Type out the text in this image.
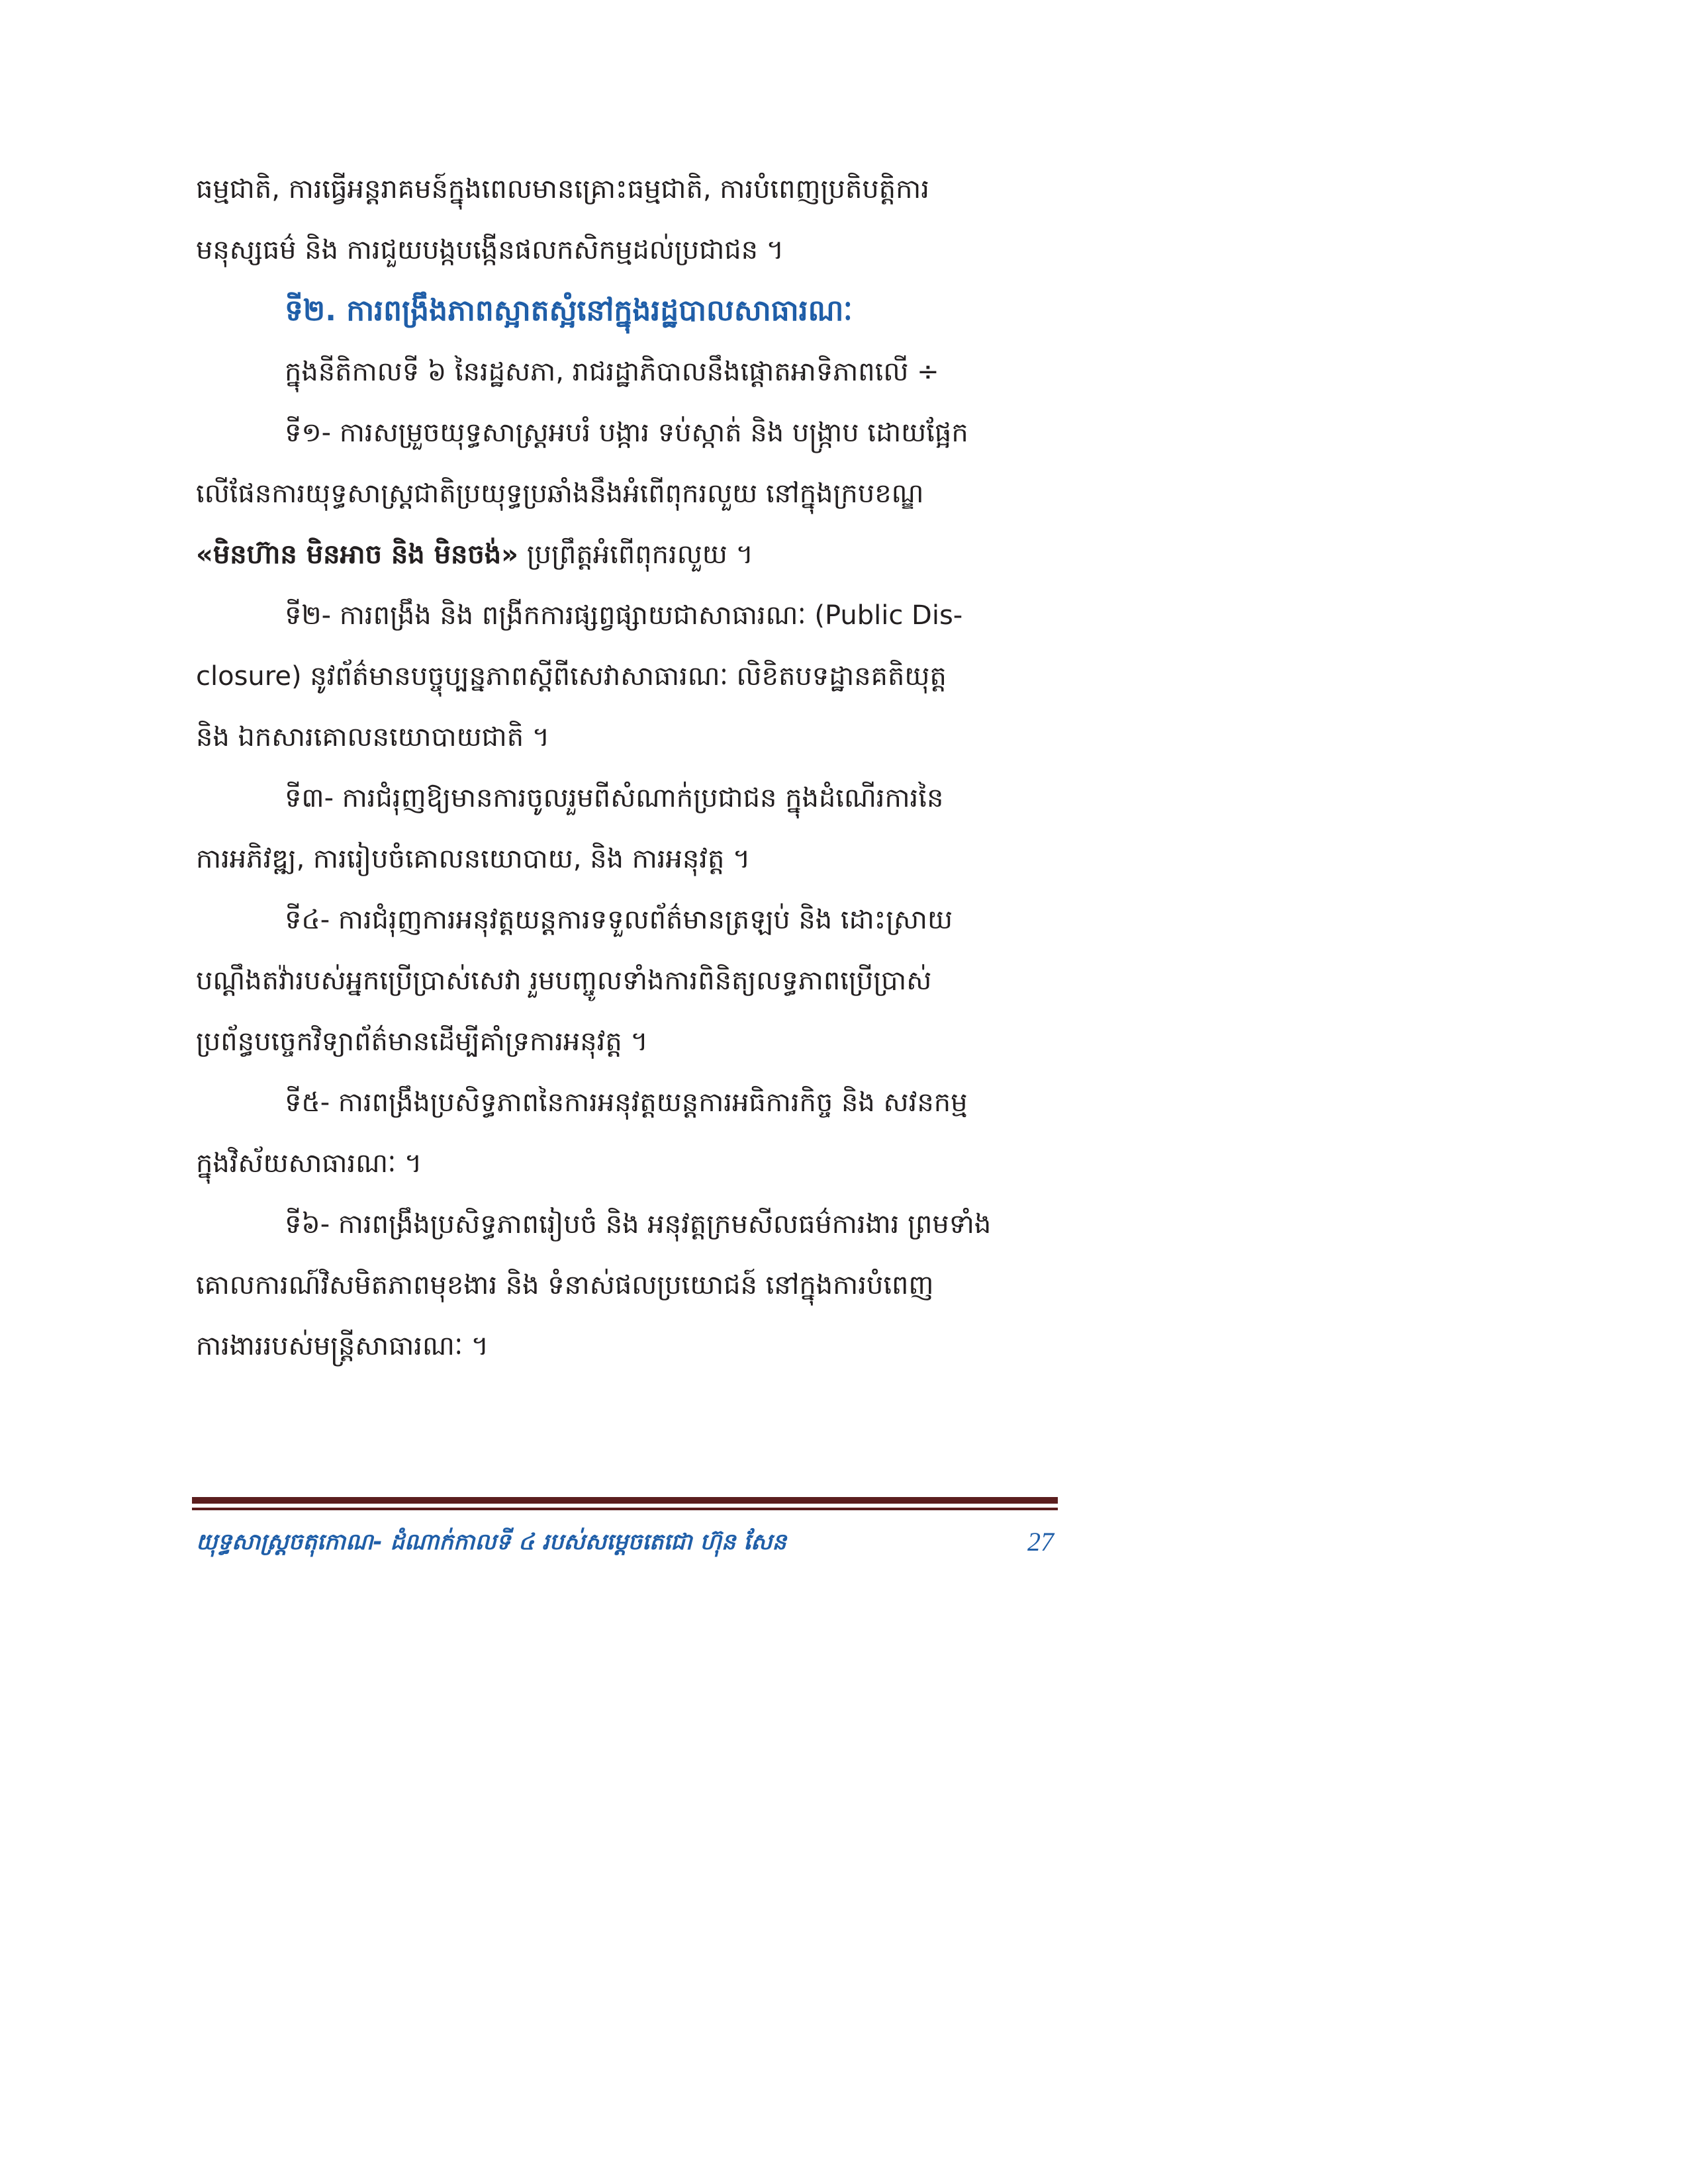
ធម្មជាតិ, ការធ្វើអន្តរាគមន៍ក្នុងពេលមានគ្រោះធម្មជាតិ, ការបំពេញប្រតិបត្តិការ
មនុស្សធម៌ និង ការជួយបង្កបង្កើនផលកសិកម្មដល់ប្រជាជន ។
ទី២. ការពង្រឹងភាពស្អាតស្អំនៅក្នុងរដ្ឋបាលសាធារណៈ
ក្នុងនីតិកាលទី ៦ នៃរដ្ឋសភា, រាជរដ្ឋាភិបាលនឹងផ្តោតអាទិភាពលើ ÷
ទី១- ការសម្រួចយុទ្ធសាស្ត្រអបរំ បង្ការ ទប់ស្កាត់ និង បង្ក្រាប ដោយផ្អែក
លើផែនការយុទ្ធសាស្ត្រជាតិប្រយុទ្ធប្រឆាំងនឹងអំពើពុករលួយ នៅក្នុងក្របខណ្ឌ
«មិនហ៊ាន មិនអាច និង មិនចង់» ប្រព្រឹត្តអំពើពុករលួយ ។
ទី២- ការពង្រឹង និង ពង្រីកការផ្សព្វផ្សាយជាសាធារណៈ (Public Dis-
closure) នូវព័ត៌មានបច្ចុប្បន្នភាពស្តីពីសេវាសាធារណៈ លិខិតបទដ្ឋានគតិយុត្ត
និង ឯកសារគោលនយោបាយជាតិ ។
ទី៣- ការជំរុញឱ្យមានការចូលរួមពីសំណាក់ប្រជាជន ក្នុងដំណើរការនៃ
ការអភិវឌ្ឍ, ការរៀបចំគោលនយោបាយ, និង ការអនុវត្ត ។
ទី៤- ការជំរុញការអនុវត្តយន្តការទទួលព័ត៌មានត្រឡប់ និង ដោះស្រាយ
បណ្តឹងតវ៉ារបស់អ្នកប្រើប្រាស់សេវា រួមបញ្ចូលទាំងការពិនិត្យលទ្ធភាពប្រើប្រាស់
ប្រព័ន្ធបច្ចេកវិទ្យាព័ត៌មានដើម្បីគាំទ្រការអនុវត្ត ។
ទី៥- ការពង្រឹងប្រសិទ្ធភាពនៃការអនុវត្តយន្តការអធិការកិច្ច និង សវនកម្ម
ក្នុងវិស័យសាធារណៈ ។
ទី៦- ការពង្រឹងប្រសិទ្ធភាពរៀបចំ និង អនុវត្តក្រមសីលធម៌ការងារ ព្រមទាំង
គោលការណ៍វិសមិតភាពមុខងារ និង ទំនាស់ផលប្រយោជន៍ នៅក្នុងការបំពេញ
ការងាររបស់មន្ត្រីសាធារណៈ ។
យុទ្ធសាស្ត្រចតុកោណ- ដំណាក់កាលទី ៤ របស់សម្តេចតេជោ ហ៊ុន សែន	27
